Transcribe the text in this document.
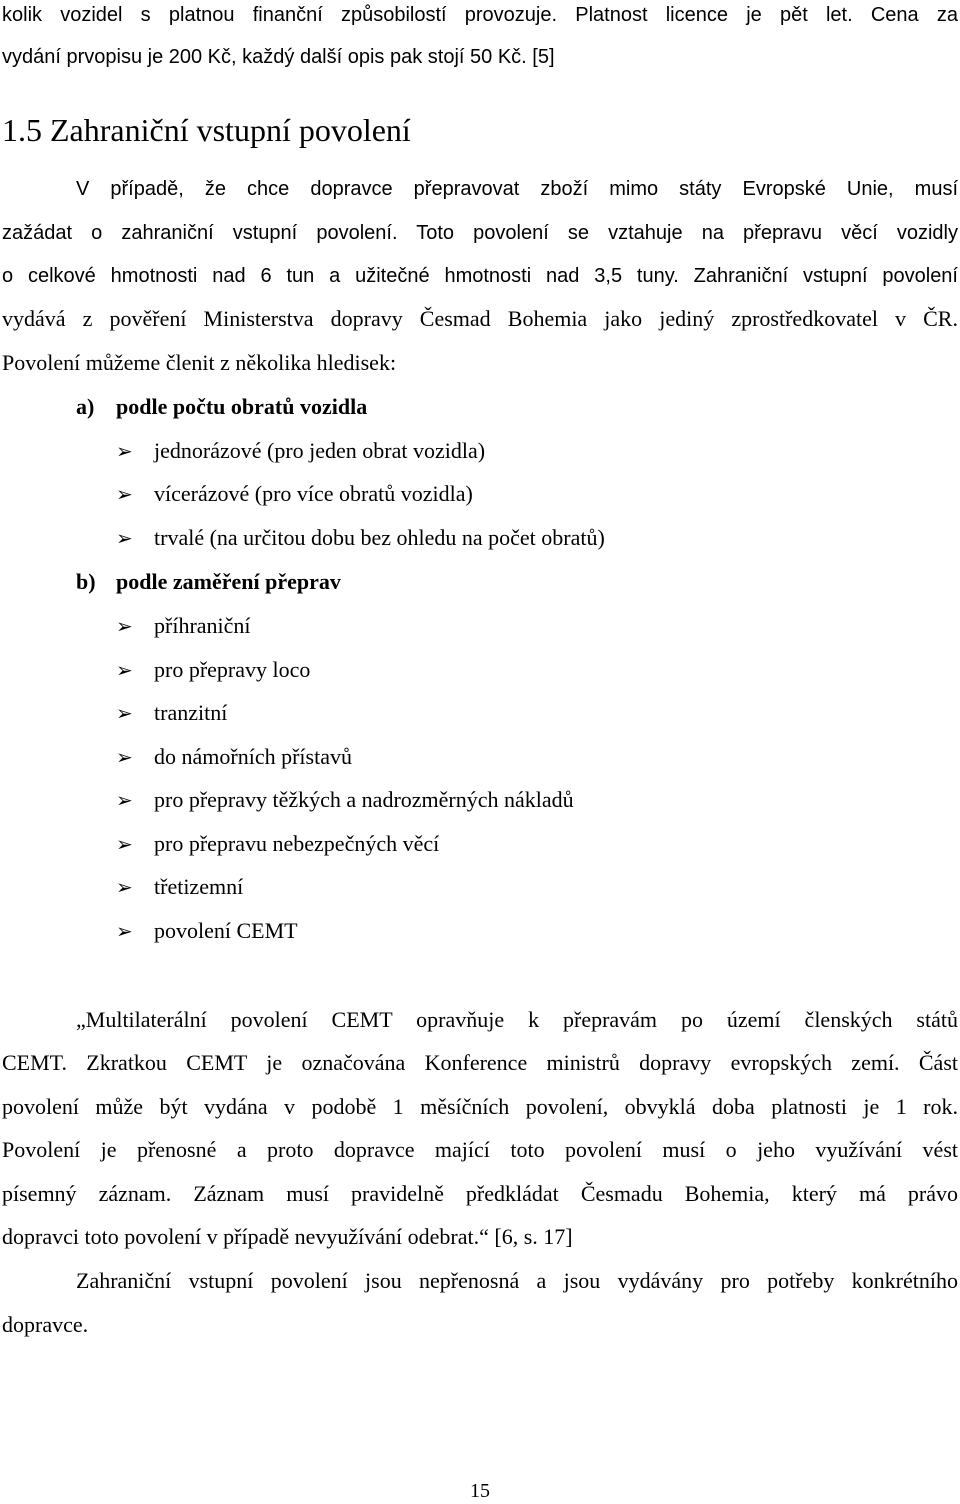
kolik vozidel s platnou finanční způsobilostí provozuje. Platnost licence je pět let. Cena za
vydání prvopisu je 200 Kč, každý další opis pak stojí 50 Kč. [5]
1.5 Zahraniční vstupní povolení
V případě, že chce dopravce přepravovat zboží mimo státy Evropské Unie, musí
zažádat o zahraniční vstupní povolení. Toto povolení se vztahuje na přepravu věcí vozidly
o celkové hmotnosti nad 6 tun a užitečné hmotnosti nad 3,5 tuny. Zahraniční vstupní povolení
vydává z pověření Ministerstva dopravy Česmad Bohemia jako jediný zprostředkovatel v ČR.
Povolení můžeme členit z několika hledisek:
a) podle počtu obratů vozidla
➢ jednorázové (pro jeden obrat vozidla)
➢ vícerázové (pro více obratů vozidla)
➢ trvalé (na určitou dobu bez ohledu na počet obratů)
b) podle zaměření přeprav
➢ příhraniční
➢ pro přepravy loco
➢ tranzitní
➢ do námořních přístavů
➢ pro přepravy těžkých a nadrozměrných nákladů
➢ pro přepravu nebezpečných věcí
➢ třetizemní
➢ povolení CEMT
„Multilaterální povolení CEMT opravňuje k přepravám po území členských států
CEMT. Zkratkou CEMT je označována Konference ministrů dopravy evropských zemí. Část
povolení může být vydána v podobě 1 měsíčních povolení, obvyklá doba platnosti je 1 rok.
Povolení je přenosné a proto dopravce mající toto povolení musí o jeho využívání vést
písemný záznam. Záznam musí pravidelně předkládat Česmadu Bohemia, který má právo
dopravci toto povolení v případě nevyužívání odebrat.“ [6, s. 17]
Zahraniční vstupní povolení jsou nepřenosná a jsou vydávány pro potřeby konkrétního
dopravce.
15
